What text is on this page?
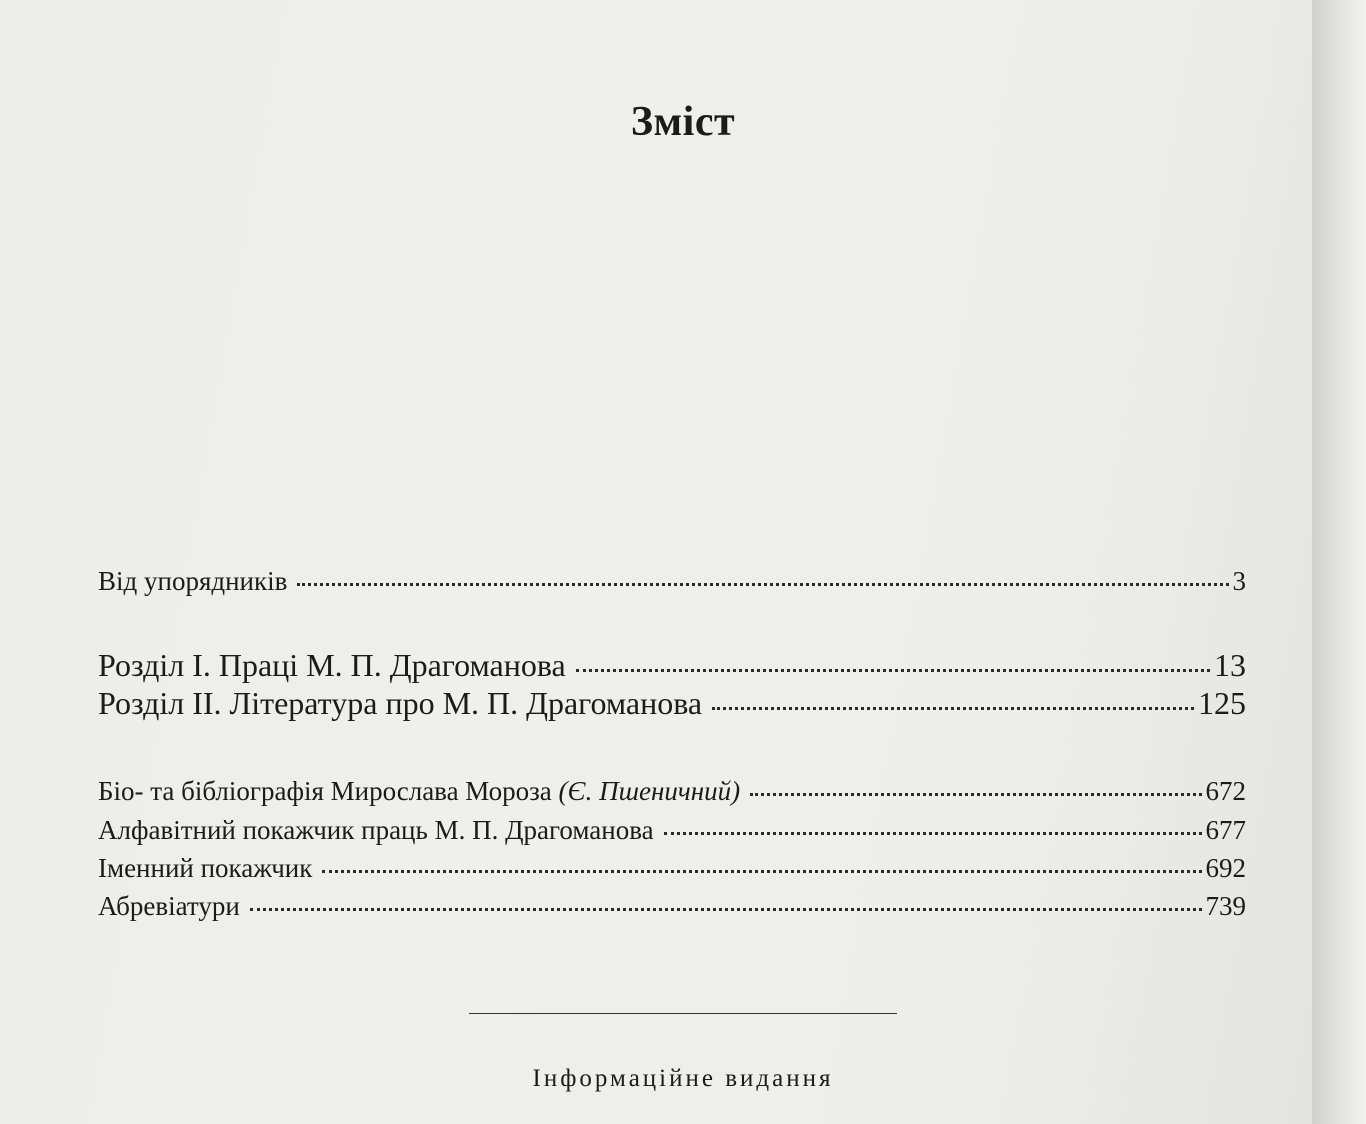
Зміст
Від упорядників	3
Розділ I. Праці М. П. Драгоманова	13
Розділ II. Література про М. П. Драгоманова	125
Біо- та бібліографія Мирослава Мороза (Є. Пшеничний)	672
Алфавітний покажчик праць М. П. Драгоманова	677
Іменний покажчик	692
Абревіатури	739
Інформаційне видання
